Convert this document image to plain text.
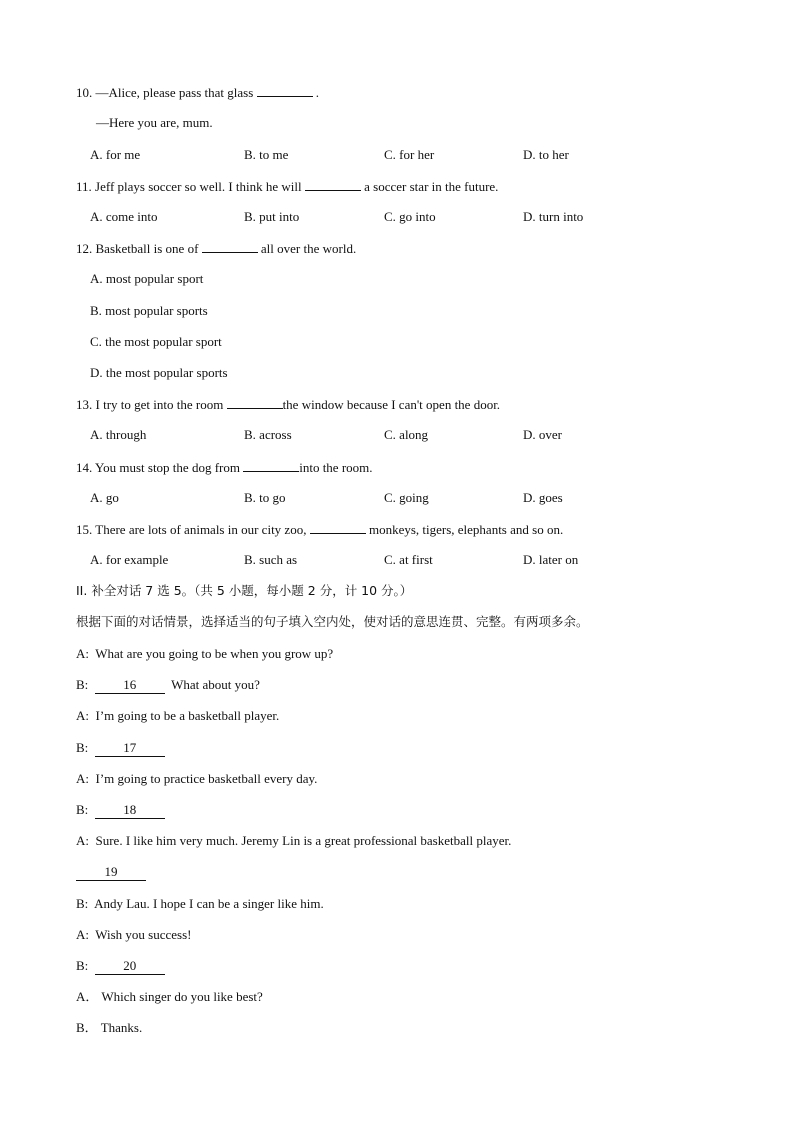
10. —Alice, please pass that glass	.
—Here you are, mum.
A. for me	B. to me	C. for her	D. to her
11. Jeff plays soccer so well. I think he will	a soccer star in the future.
A. come into	B. put into	C. go into	D. turn into
12. Basketball is one of	all over the world.
A. most popular sport
B. most popular sports
C. the most popular sport
D. the most popular sports
13. I try to get into the room	the window because I can't open the door.
A. through	B. across	C. along	D. over
14. You must stop the dog from	into the room.
A. go	B. to go	C. going	D. goes
15. There are lots of animals in our city zoo,	monkeys, tigers, elephants and so on.
A. for example	B. such as	C. at first	D. later on
II. 补全对话 7 选 5。（共 5 小题，每小题 2 分，计 10 分。）
根据下面的对话情景，选择适当的句子填入空内处，使对话的意思连贯、完整。有两项多余。
A: What are you going to be when you grow up?
B:	16	What about you?
A: I’m going to be a basketball player.
B:	17
A: I’m going to practice basketball every day.
B:	18
A: Sure. I like him very much. Jeremy Lin is a great professional basketball player.
19
B: Andy Lau. I hope I can be a singer like him.
A: Wish you success!
B:	20
A． Which singer do you like best?
B． Thanks.
